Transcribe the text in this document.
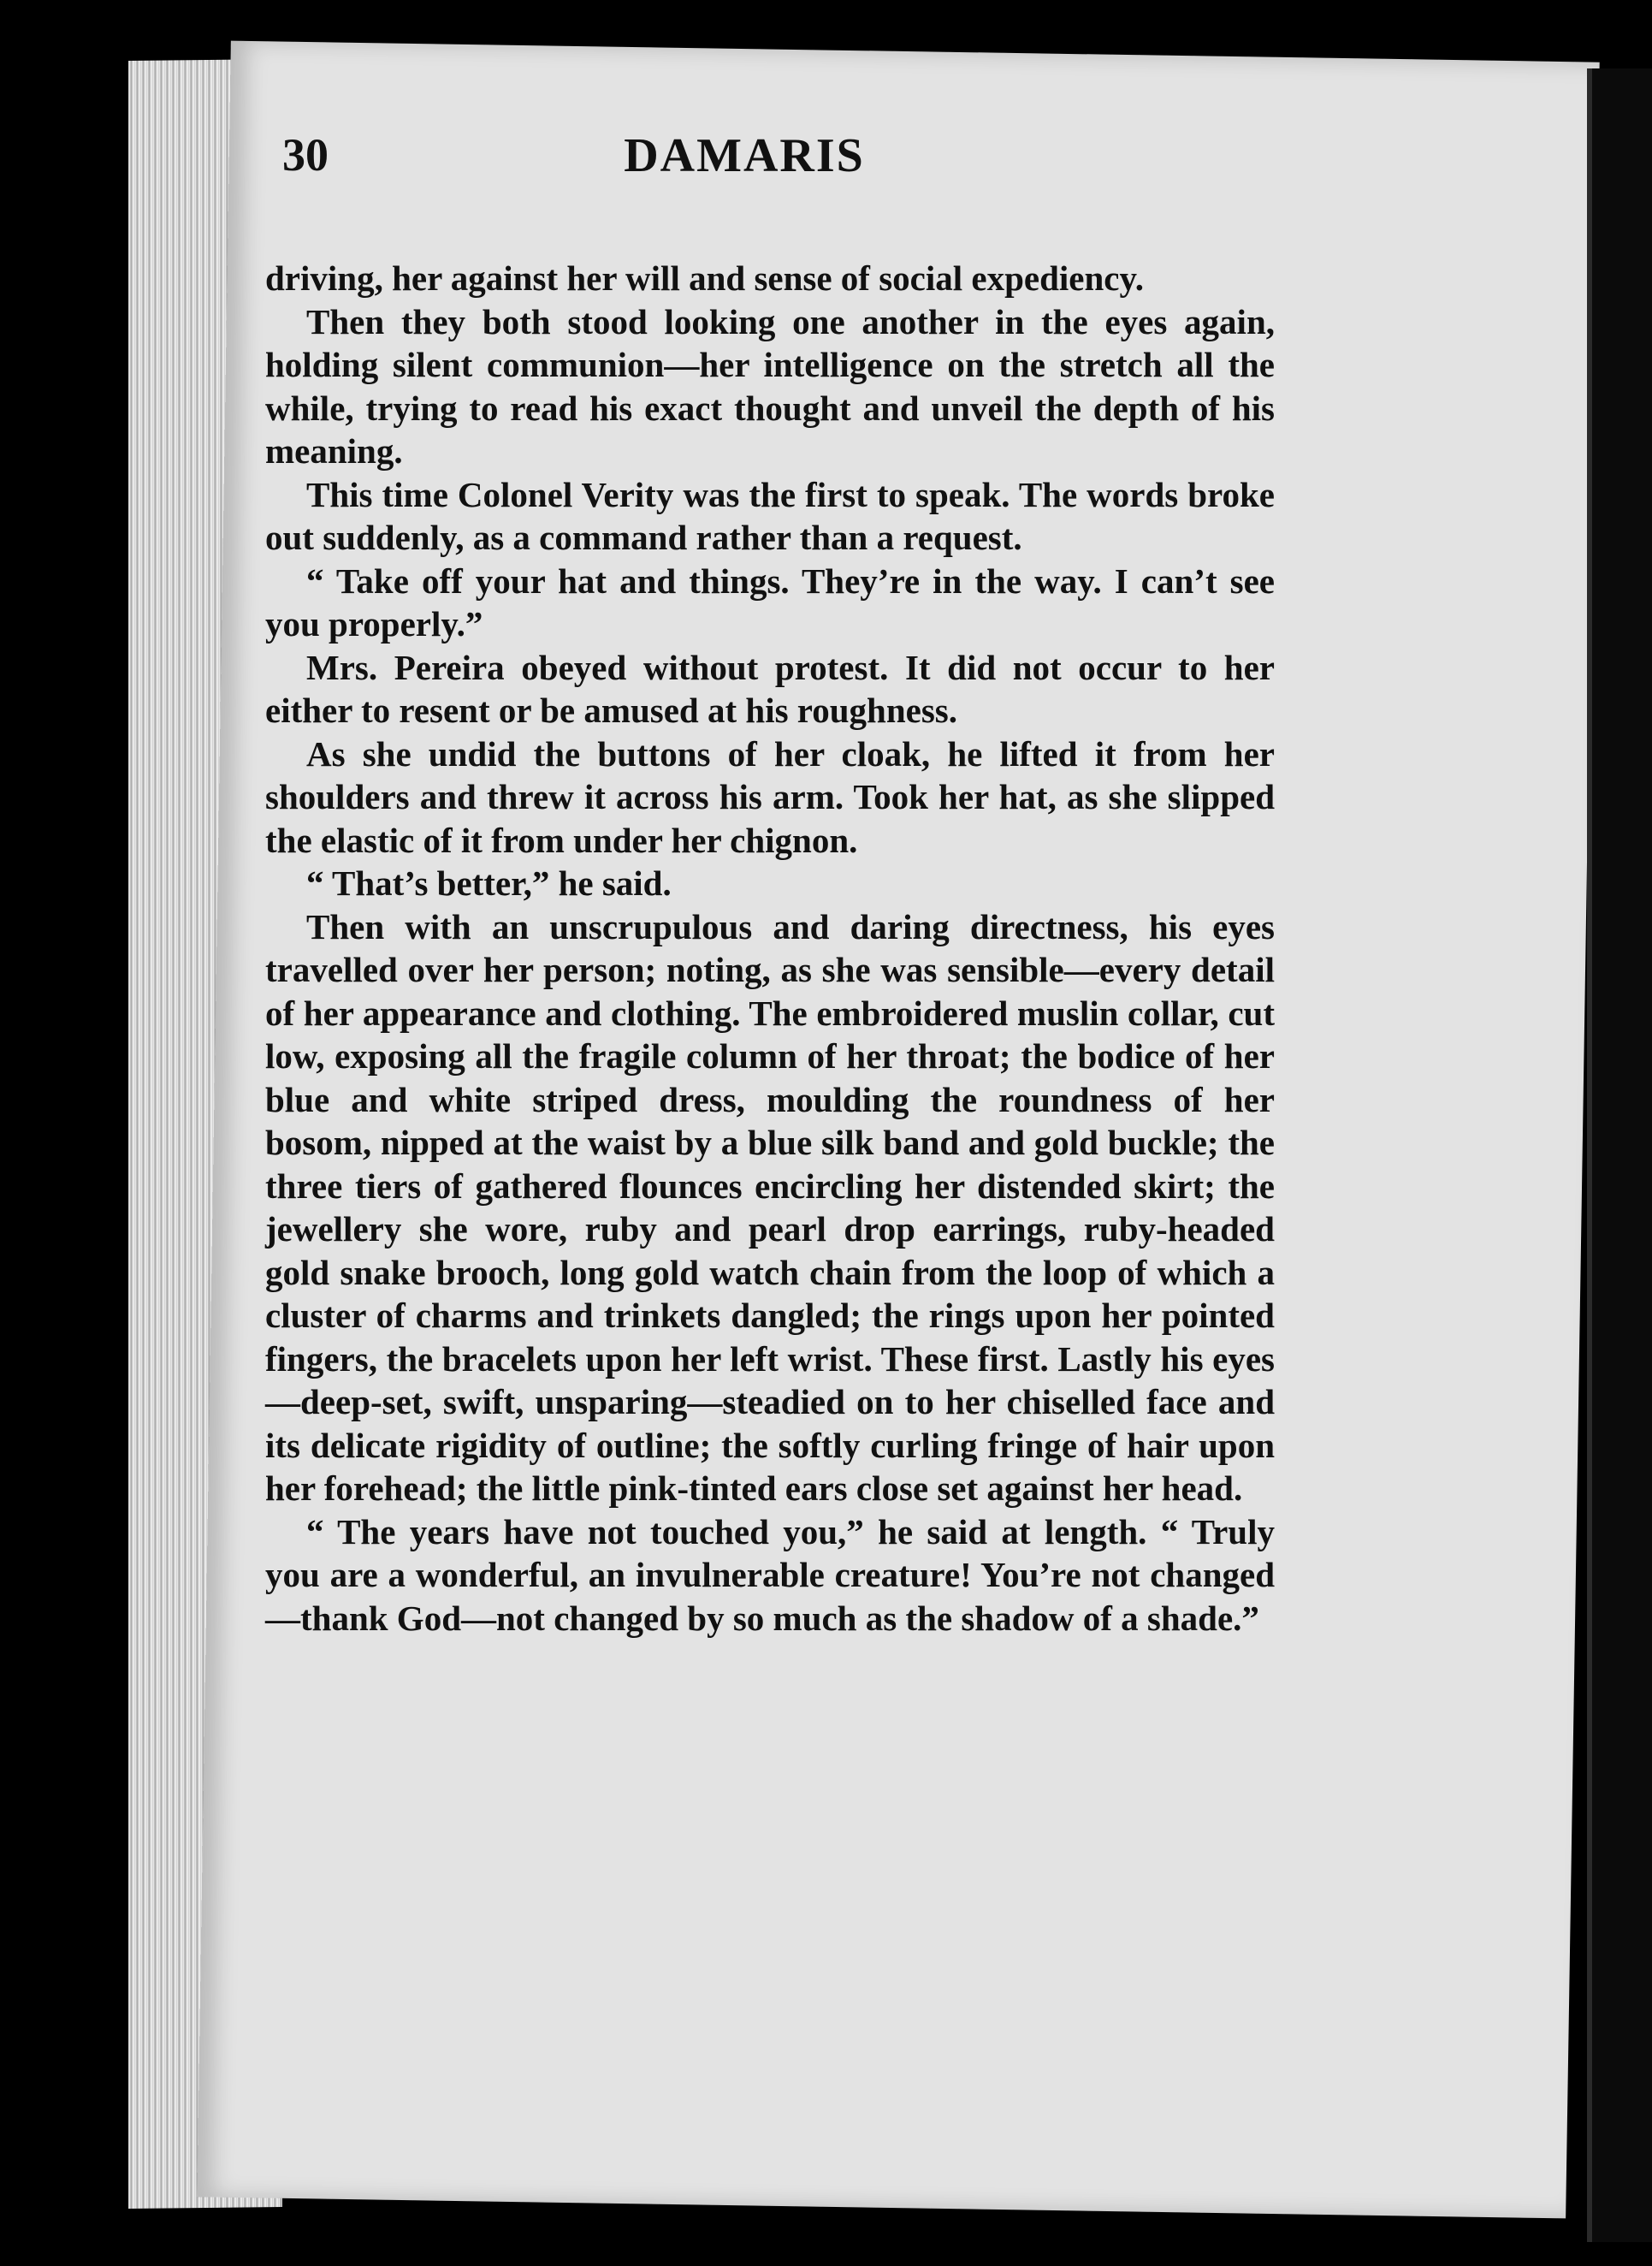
30	DAMARIS

driving, her against her will and sense of social expediency.

Then they both stood looking one another in the eyes again, holding silent communion—her intelligence on the stretch all the while, trying to read his exact thought and unveil the depth of his meaning.

This time Colonel Verity was the first to speak. The words broke out suddenly, as a command rather than a request.

“ Take off your hat and things. They’re in the way. I can’t see you properly.”

Mrs. Pereira obeyed without protest. It did not occur to her either to resent or be amused at his roughness.

As she undid the buttons of her cloak, he lifted it from her shoulders and threw it across his arm. Took her hat, as she slipped the elastic of it from under her chignon.

“ That’s better,” he said.

Then with an unscrupulous and daring directness, his eyes travelled over her person; noting, as she was sensible—every detail of her appearance and clothing. The embroidered muslin collar, cut low, exposing all the fragile column of her throat; the bodice of her blue and white striped dress, moulding the roundness of her bosom, nipped at the waist by a blue silk band and gold buckle; the three tiers of gathered flounces encircling her distended skirt; the jewellery she wore, ruby and pearl drop earrings, ruby-headed gold snake brooch, long gold watch chain from the loop of which a cluster of charms and trinkets dangled; the rings upon her pointed fingers, the bracelets upon her left wrist. These first. Lastly his eyes—deep-set, swift, unsparing—steadied on to her chiselled face and its delicate rigidity of outline; the softly curling fringe of hair upon her forehead; the little pink-tinted ears close set against her head.

“ The years have not touched you,” he said at length. “ Truly you are a wonderful, an invulnerable creature! You’re not changed—thank God—not changed by so much as the shadow of a shade.”
